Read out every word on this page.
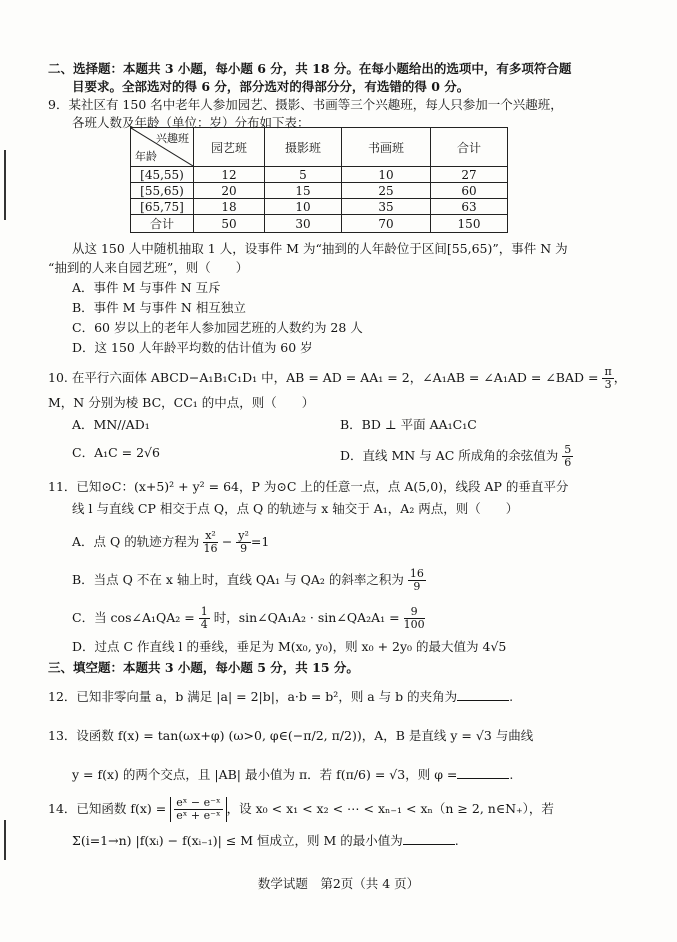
二、选择题：本题共 3 小题，每小题 6 分，共 18 分。在每小题给出的选项中，有多项符合题
目要求。全部选对的得 6 分，部分选对的得部分分，有选错的得 0 分。
9．某社区有 150 名中老年人参加园艺、摄影、书画等三个兴趣班，每人只参加一个兴趣班，
各班人数及年龄（单位：岁）分布如下表：
兴趣班
年龄	园艺班	摄影班	书画班	合计
[45,55)	12	5	10	27
[55,65)	20	15	25	60
[65,75]	18	10	35	63
合计	50	30	70	150
从这 150 人中随机抽取 1 人，设事件 M 为“抽到的人年龄位于区间[55,65)”，事件 N 为
“抽到的人来自园艺班”，则（　　）
A．事件 M 与事件 N 互斥
B．事件 M 与事件 N 相互独立
C．60 岁以上的老年人参加园艺班的人数约为 28 人
D．这 150 人年龄平均数的估计值为 60 岁
10. 在平行六面体 ABCD−A₁B₁C₁D₁ 中，AB = AD = AA₁ = 2，∠A₁AB = ∠A₁AD = ∠BAD = $\frac{\pi}{3}$ ，
M，N 分别为棱 BC，CC₁ 的中点，则（　　）
A．MN//AD₁	B．BD ⊥ 平面 AA₁C₁C
C．A₁C = 2√6	D．直线 MN 与 AC 所成角的余弦值为 $\frac{5}{6}$
11．已知⊙C：(x+5)² + y² = 64，P 为⊙C 上的任意一点，点 A(5,0)，线段 AP 的垂直平分
线 l 与直线 CP 相交于点 Q，点 Q 的轨迹与 x 轴交于 A₁，A₂ 两点，则（　　）
A．点 Q 的轨迹方程为 $\frac{\text{x²}}{16} - \frac{\text{y²}}{9} =1$
B．当点 Q 不在 x 轴上时，直线 QA₁ 与 QA₂ 的斜率之积为 $\frac{16}{9}$
C．当 cos∠A₁QA₂ = $\frac{1}{4}$ 时，sin∠QA₁A₂ · sin∠QA₂A₁ = $\frac{9}{100}$
D．过点 C 作直线 l 的垂线，垂足为 M(x₀, y₀)，则 x₀ + 2y₀ 的最大值为 4√5
三、填空题：本题共 3 小题，每小题 5 分，共 15 分。
12．已知非零向量 a，b 满足 |a| = 2|b|，a·b = b²，则 a 与 b 的夹角为	.
13．设函数 f(x) = tan(ωx+φ) (ω>0, φ∈(−π/2, π/2))，A，B 是直线 y = √3 与曲线
y = f(x) 的两个交点，且 |AB| 最小值为 π．若 f(π/6) = √3，则 φ =	.
14．已知函数 $f(x) = \frac{\text{eˣ − e⁻ˣ}}{\text{eˣ + e⁻ˣ}}$ ，设 x₀ < x₁ < x₂ < ⋯ < xₙ₋₁ < xₙ（n ≥ 2, n∈N₊），若
Σ(i=1→n) |f(xᵢ) − f(xᵢ₋₁)| ≤ M 恒成立，则 M 的最小值为	.
数学试题　第2页（共 4 页）
